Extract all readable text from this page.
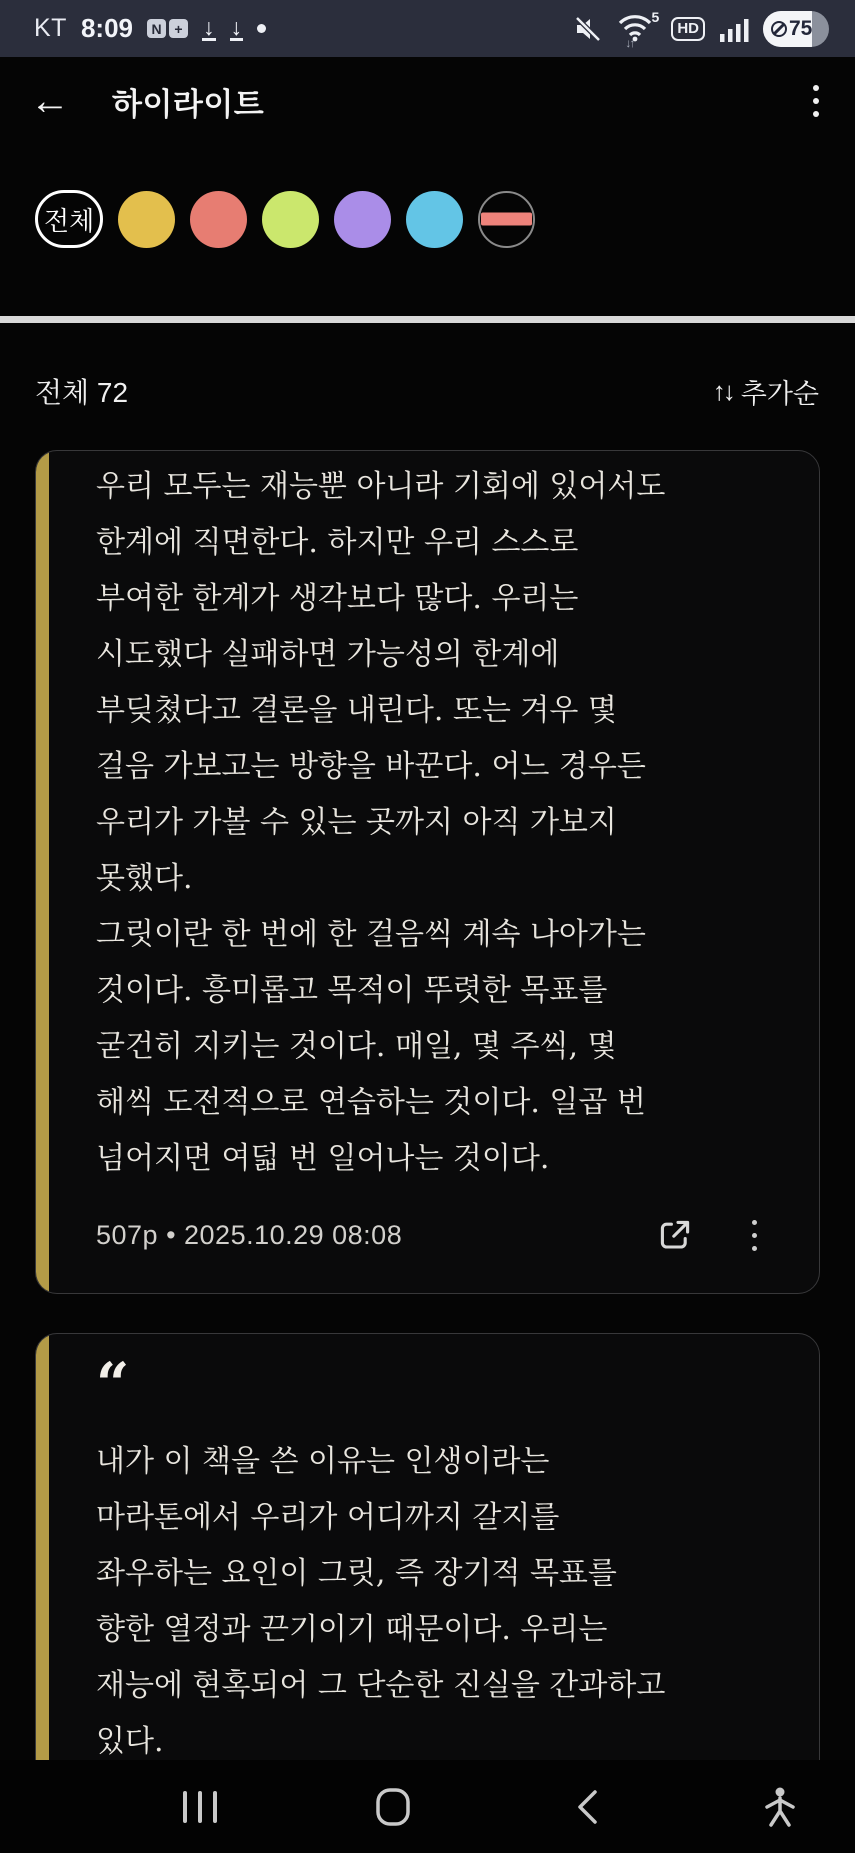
KT 8:09	N + ↓ ↓	5
↓↑
HD	75
←	하이라이트
전체
전체 72	↑↓ 추가순
우리 모두는 재능뿐 아니라 기회에 있어서도
한계에 직면한다. 하지만 우리 스스로
부여한 한계가 생각보다 많다. 우리는
시도했다 실패하면 가능성의 한계에
부딪쳤다고 결론을 내린다. 또는 겨우 몇
걸음 가보고는 방향을 바꾼다. 어느 경우든
우리가 가볼 수 있는 곳까지 아직 가보지
못했다.
그릿이란 한 번에 한 걸음씩 계속 나아가는
것이다. 흥미롭고 목적이 뚜렷한 목표를
굳건히 지키는 것이다. 매일, 몇 주씩, 몇
해씩 도전적으로 연습하는 것이다. 일곱 번
넘어지면 여덟 번 일어나는 것이다.
507p • 2025.10.29 08:08
“
내가 이 책을 쓴 이유는 인생이라는
마라톤에서 우리가 어디까지 갈지를
좌우하는 요인이 그릿, 즉 장기적 목표를
향한 열정과 끈기이기 때문이다. 우리는
재능에 현혹되어 그 단순한 진실을 간과하고
있다.
